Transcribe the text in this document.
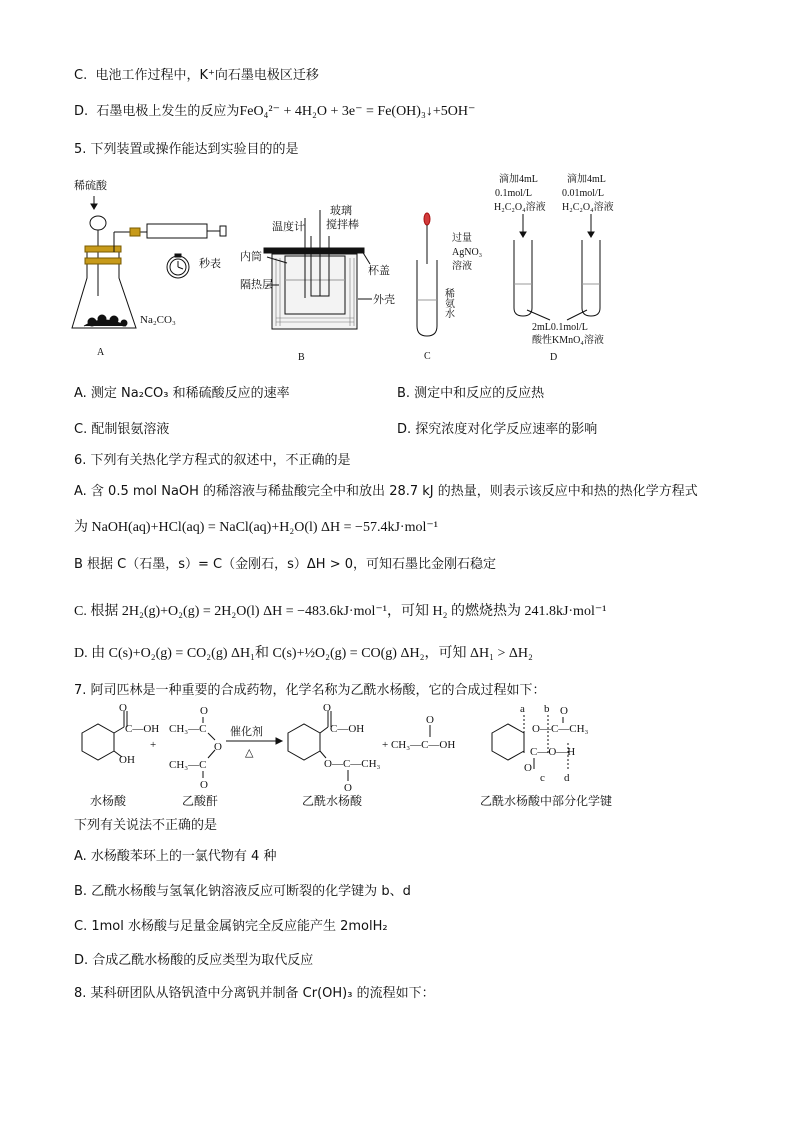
C. 电池工作过程中，K⁺向石墨电极区迁移
D. 石墨电极上发生的反应为FeO₄²⁻ + 4H₂O + 3e⁻ = Fe(OH)₃↓+5OH⁻
5. 下列装置或操作能达到实验目的的是
稀硫酸
秒表
Na₂CO₃
A
温度计
玻璃
搅拌棒
内筒
杯盖
隔热层
外壳
B
过量
AgNO₃
溶液
稀氨水
C
滴加4mL
0.1mol/L
H₂C₂O₄溶液
滴加4mL
0.01mol/L
H₂C₂O₄溶液
2mL0.1mol/L
酸性KMnO₄溶液
D
A. 测定 Na₂CO₃ 和稀硫酸反应的速率	B. 测定中和反应的反应热
C. 配制银氨溶液	D. 探究浓度对化学反应速率的影响
6. 下列有关热化学方程式的叙述中，不正确的是
A. 含 0.5 mol NaOH 的稀溶液与稀盐酸完全中和放出 28.7 kJ 的热量，则表示该反应中和热的热化学方程式
为 NaOH(aq)+HCl(aq) = NaCl(aq)+H₂O(l) ΔH = −57.4kJ·mol⁻¹
B 根据 C（石墨，s）= C（金刚石，s）ΔH > 0，可知石墨比金刚石稳定
C. 根据 2H₂(g)+O₂(g) = 2H₂O(l) ΔH = −483.6kJ·mol⁻¹，可知 H₂ 的燃烧热为 241.8kJ·mol⁻¹
D. 由 C(s)+O₂(g) = CO₂(g) ΔH₁和 C(s)+½O₂(g) = CO(g) ΔH₂，可知 ΔH₁ > ΔH₂
7. 阿司匹林是一种重要的合成药物，化学名称为乙酰水杨酸，它的合成过程如下：
O
C—OH
OH
+
CH₃—C
CH₃—C
O
O
O
催化剂
△
O
C—OH
O—C—CH₃
O
+ CH₃—C—OH
O
a b
O—C—CH₃
O
C—O—H
O
c d
水杨酸	乙酸酐	乙酰水杨酸	乙酰水杨酸中部分化学键
下列有关说法不正确的是
A. 水杨酸苯环上的一氯代物有 4 种
B. 乙酰水杨酸与氢氧化钠溶液反应可断裂的化学键为 b、d
C. 1mol 水杨酸与足量金属钠完全反应能产生 2molH₂
D. 合成乙酰水杨酸的反应类型为取代反应
8. 某科研团队从铬钒渣中分离钒并制备 Cr(OH)₃ 的流程如下：
